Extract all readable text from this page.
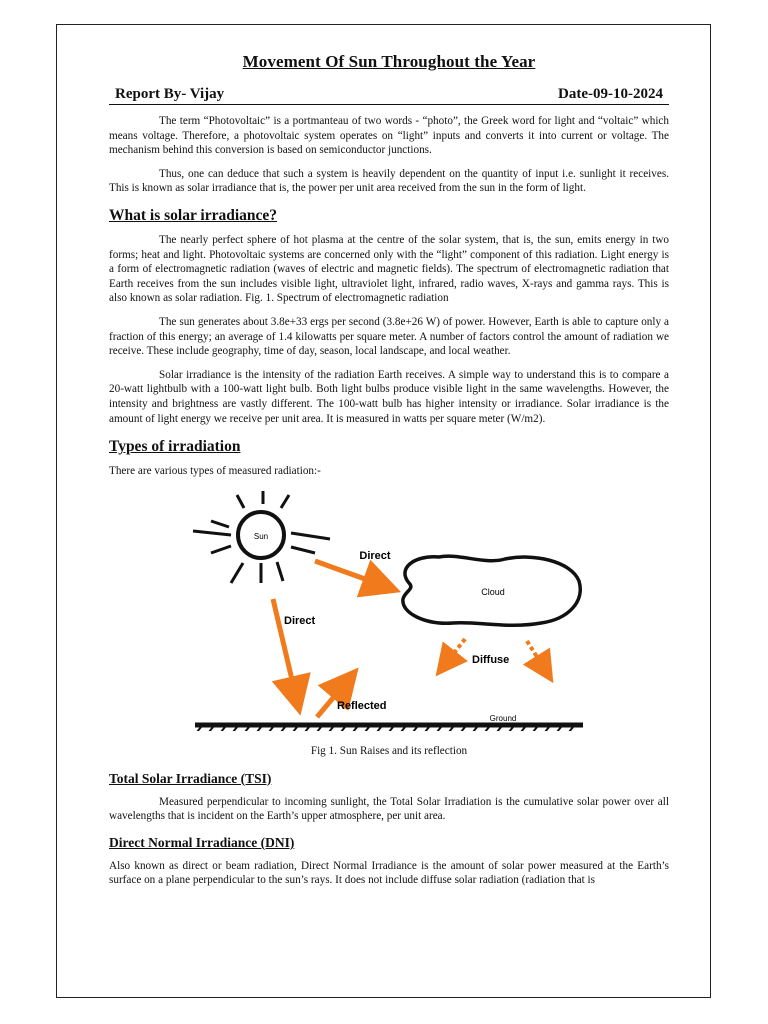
Movement Of Sun Throughout the Year
Report By- Vijay	Date-09-10-2024

The term “Photovoltaic” is a portmanteau of two words - “photo”, the Greek word for light and “voltaic” which means voltage. Therefore, a photovoltaic system operates on “light” inputs and converts it into current or voltage. The mechanism behind this conversion is based on semiconductor junctions.

Thus, one can deduce that such a system is heavily dependent on the quantity of input i.e. sunlight it receives. This is known as solar irradiance that is, the power per unit area received from the sun in the form of light.

What is solar irradiance?

The nearly perfect sphere of hot plasma at the centre of the solar system, that is, the sun, emits energy in two forms; heat and light. Photovoltaic systems are concerned only with the “light” component of this radiation. Light energy is a form of electromagnetic radiation (waves of electric and magnetic fields). The spectrum of electromagnetic radiation that Earth receives from the sun includes visible light, ultraviolet light, infrared, radio waves, X-rays and gamma rays. This is also known as solar radiation. Fig. 1. Spectrum of electromagnetic radiation

The sun generates about 3.8e+33 ergs per second (3.8e+26 W) of power. However, Earth is able to capture only a fraction of this energy; an average of 1.4 kilowatts per square meter. A number of factors control the amount of radiation we receive. These include geography, time of day, season, local landscape, and local weather.

Solar irradiance is the intensity of the radiation Earth receives. A simple way to understand this is to compare a 20-watt lightbulb with a 100-watt light bulb. Both light bulbs produce visible light in the same wavelengths. However, the intensity and brightness are vastly different. The 100-watt bulb has higher intensity or irradiance. Solar irradiance is the amount of light energy we receive per unit area. It is measured in watts per square meter (W/m2).

Types of irradiation

There are various types of measured radiation:-

Sun
Cloud
Direct
Direct
Reflected
Diffuse
Ground
Fig 1. Sun Raises and its reflection
Total Solar Irradiance (TSI)

Measured perpendicular to incoming sunlight, the Total Solar Irradiation is the cumulative solar power over all wavelengths that is incident on the Earth’s upper atmosphere, per unit area.

Direct Normal Irradiance (DNI)

Also known as direct or beam radiation, Direct Normal Irradiance is the amount of solar power measured at the Earth’s surface on a plane perpendicular to the sun’s rays. It does not include diffuse solar radiation (radiation that is
